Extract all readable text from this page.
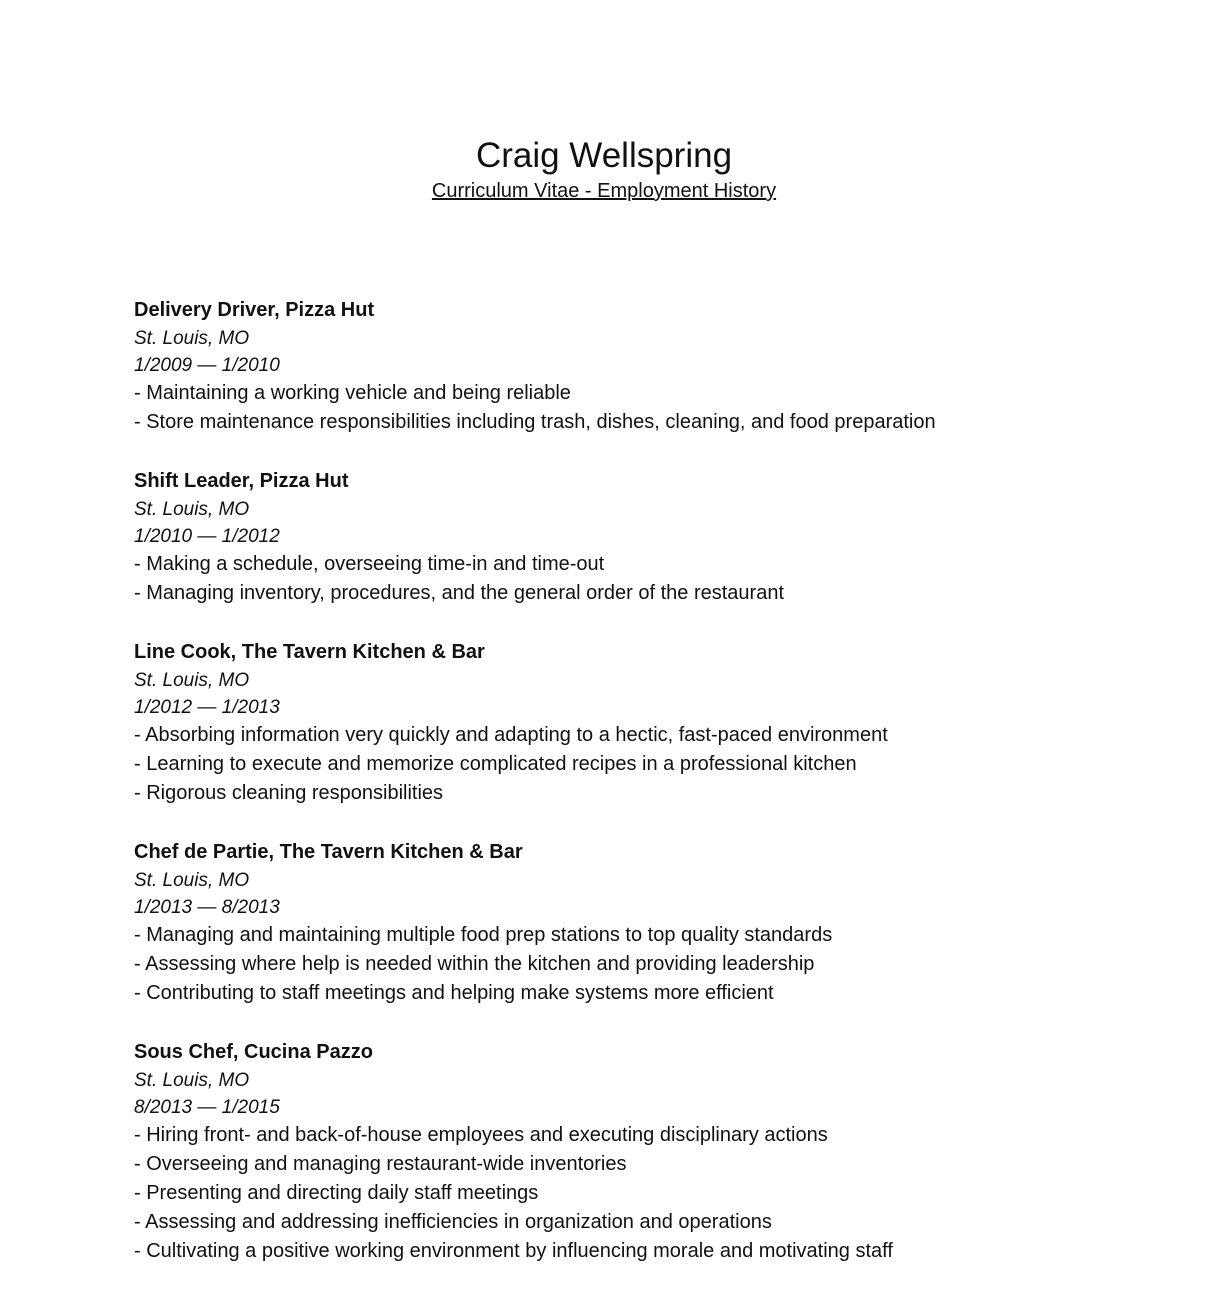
Craig Wellspring
Curriculum Vitae - Employment History
Delivery Driver, Pizza Hut
St. Louis, MO
1/2009 — 1/2010
- Maintaining a working vehicle and being reliable
- Store maintenance responsibilities including trash, dishes, cleaning, and food preparation
Shift Leader, Pizza Hut
St. Louis, MO
1/2010 — 1/2012
- Making a schedule, overseeing time-in and time-out
- Managing inventory, procedures, and the general order of the restaurant
Line Cook, The Tavern Kitchen & Bar
St. Louis, MO
1/2012 — 1/2013
- Absorbing information very quickly and adapting to a hectic, fast-paced environment
- Learning to execute and memorize complicated recipes in a professional kitchen
- Rigorous cleaning responsibilities
Chef de Partie, The Tavern Kitchen & Bar
St. Louis, MO
1/2013 — 8/2013
- Managing and maintaining multiple food prep stations to top quality standards
- Assessing where help is needed within the kitchen and providing leadership
- Contributing to staff meetings and helping make systems more efficient
Sous Chef, Cucina Pazzo
St. Louis, MO
8/2013 — 1/2015
- Hiring front- and back-of-house employees and executing disciplinary actions
- Overseeing and managing restaurant-wide inventories
- Presenting and directing daily staff meetings
- Assessing and addressing inefficiencies in organization and operations
- Cultivating a positive working environment by influencing morale and motivating staff
